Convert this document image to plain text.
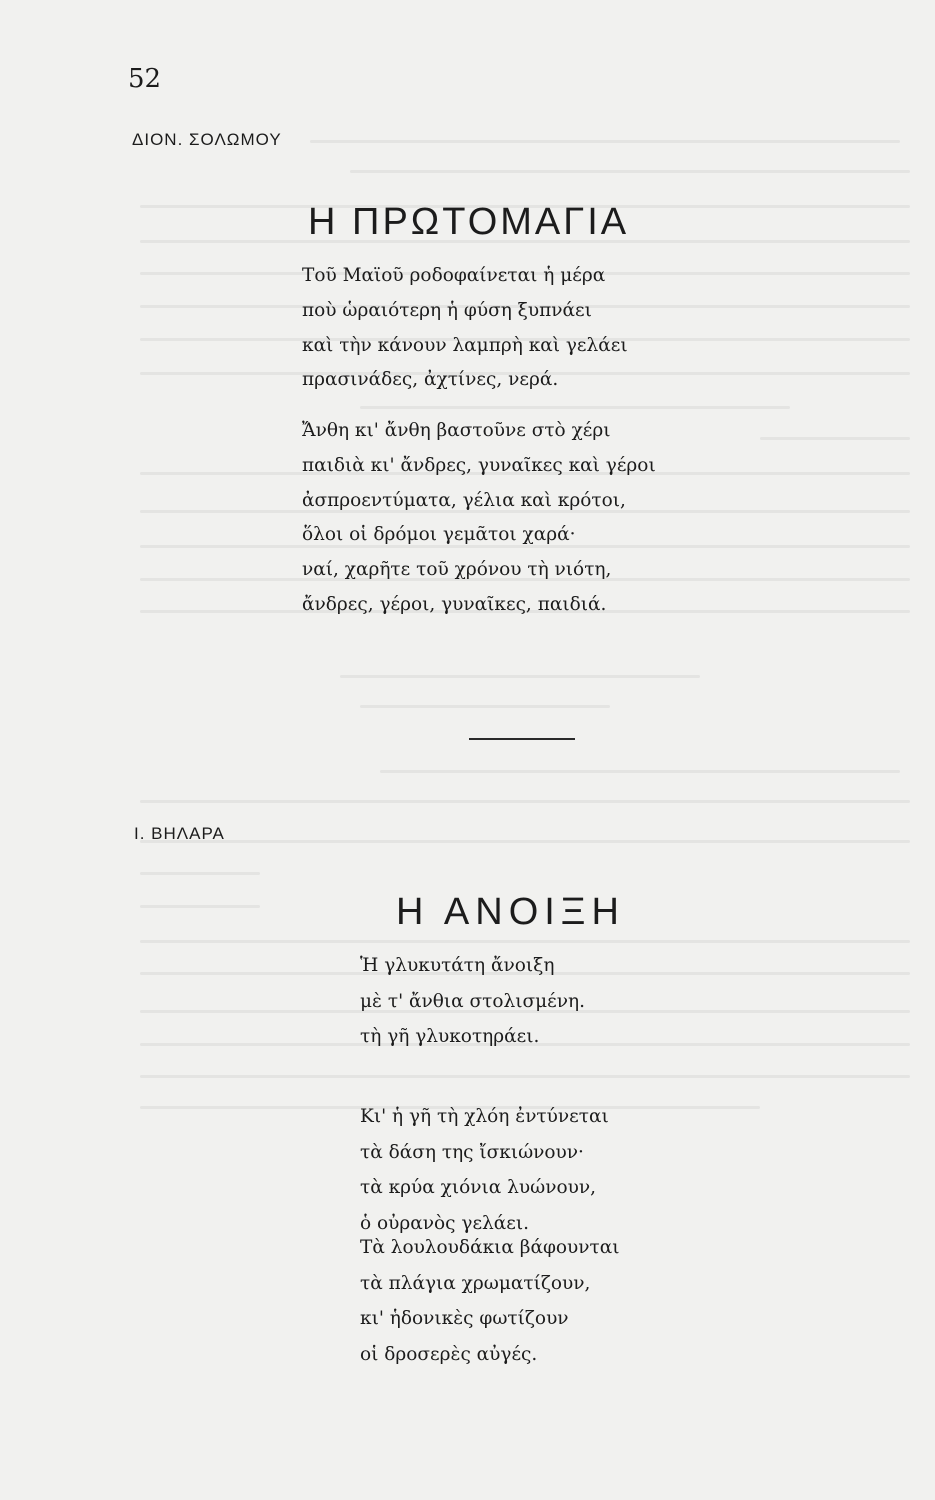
52
ΔΙΟΝ. ΣΟΛΩΜΟΥ
Η ΠΡΩΤΟΜΑΓΙΑ
Τοῦ Μαϊοῦ ροδοφαίνεται ἡ μέρα
ποὺ ὡραιότερη ἡ φύση ξυπνάει
καὶ τὴν κάνουν λαμπρὴ καὶ γελάει
πρασινάδες, ἀχτίνες, νερά.
Ἄνθη κι' ἄνθη βαστοῦνε στὸ χέρι
παιδιὰ κι' ἄνδρες, γυναῖκες καὶ γέροι
ἀσπροεντύματα, γέλια καὶ κρότοι,
ὅλοι οἱ δρόμοι γεμᾶτοι χαρά·
ναί, χαρῆτε τοῦ χρόνου τὴ νιότη,
ἄνδρες, γέροι, γυναῖκες, παιδιά.
Ι. ΒΗΛΑΡΑ
Η ΑΝΟΙΞΗ
Ἡ γλυκυτάτη ἄνοιξη
μὲ τ' ἄνθια στολισμένη.
τὴ γῆ γλυκοτηράει.
Κι' ἡ γῆ τὴ χλόη ἐντύνεται
τὰ δάση της ἴσκιώνουν·
τὰ κρύα χιόνια λυώνουν,
ὁ οὐρανὸς γελάει.
Τὰ λουλουδάκια βάφουνται
τὰ πλάγια χρωματίζουν,
κι' ἡδονικὲς φωτίζουν
οἱ δροσερὲς αὐγές.
